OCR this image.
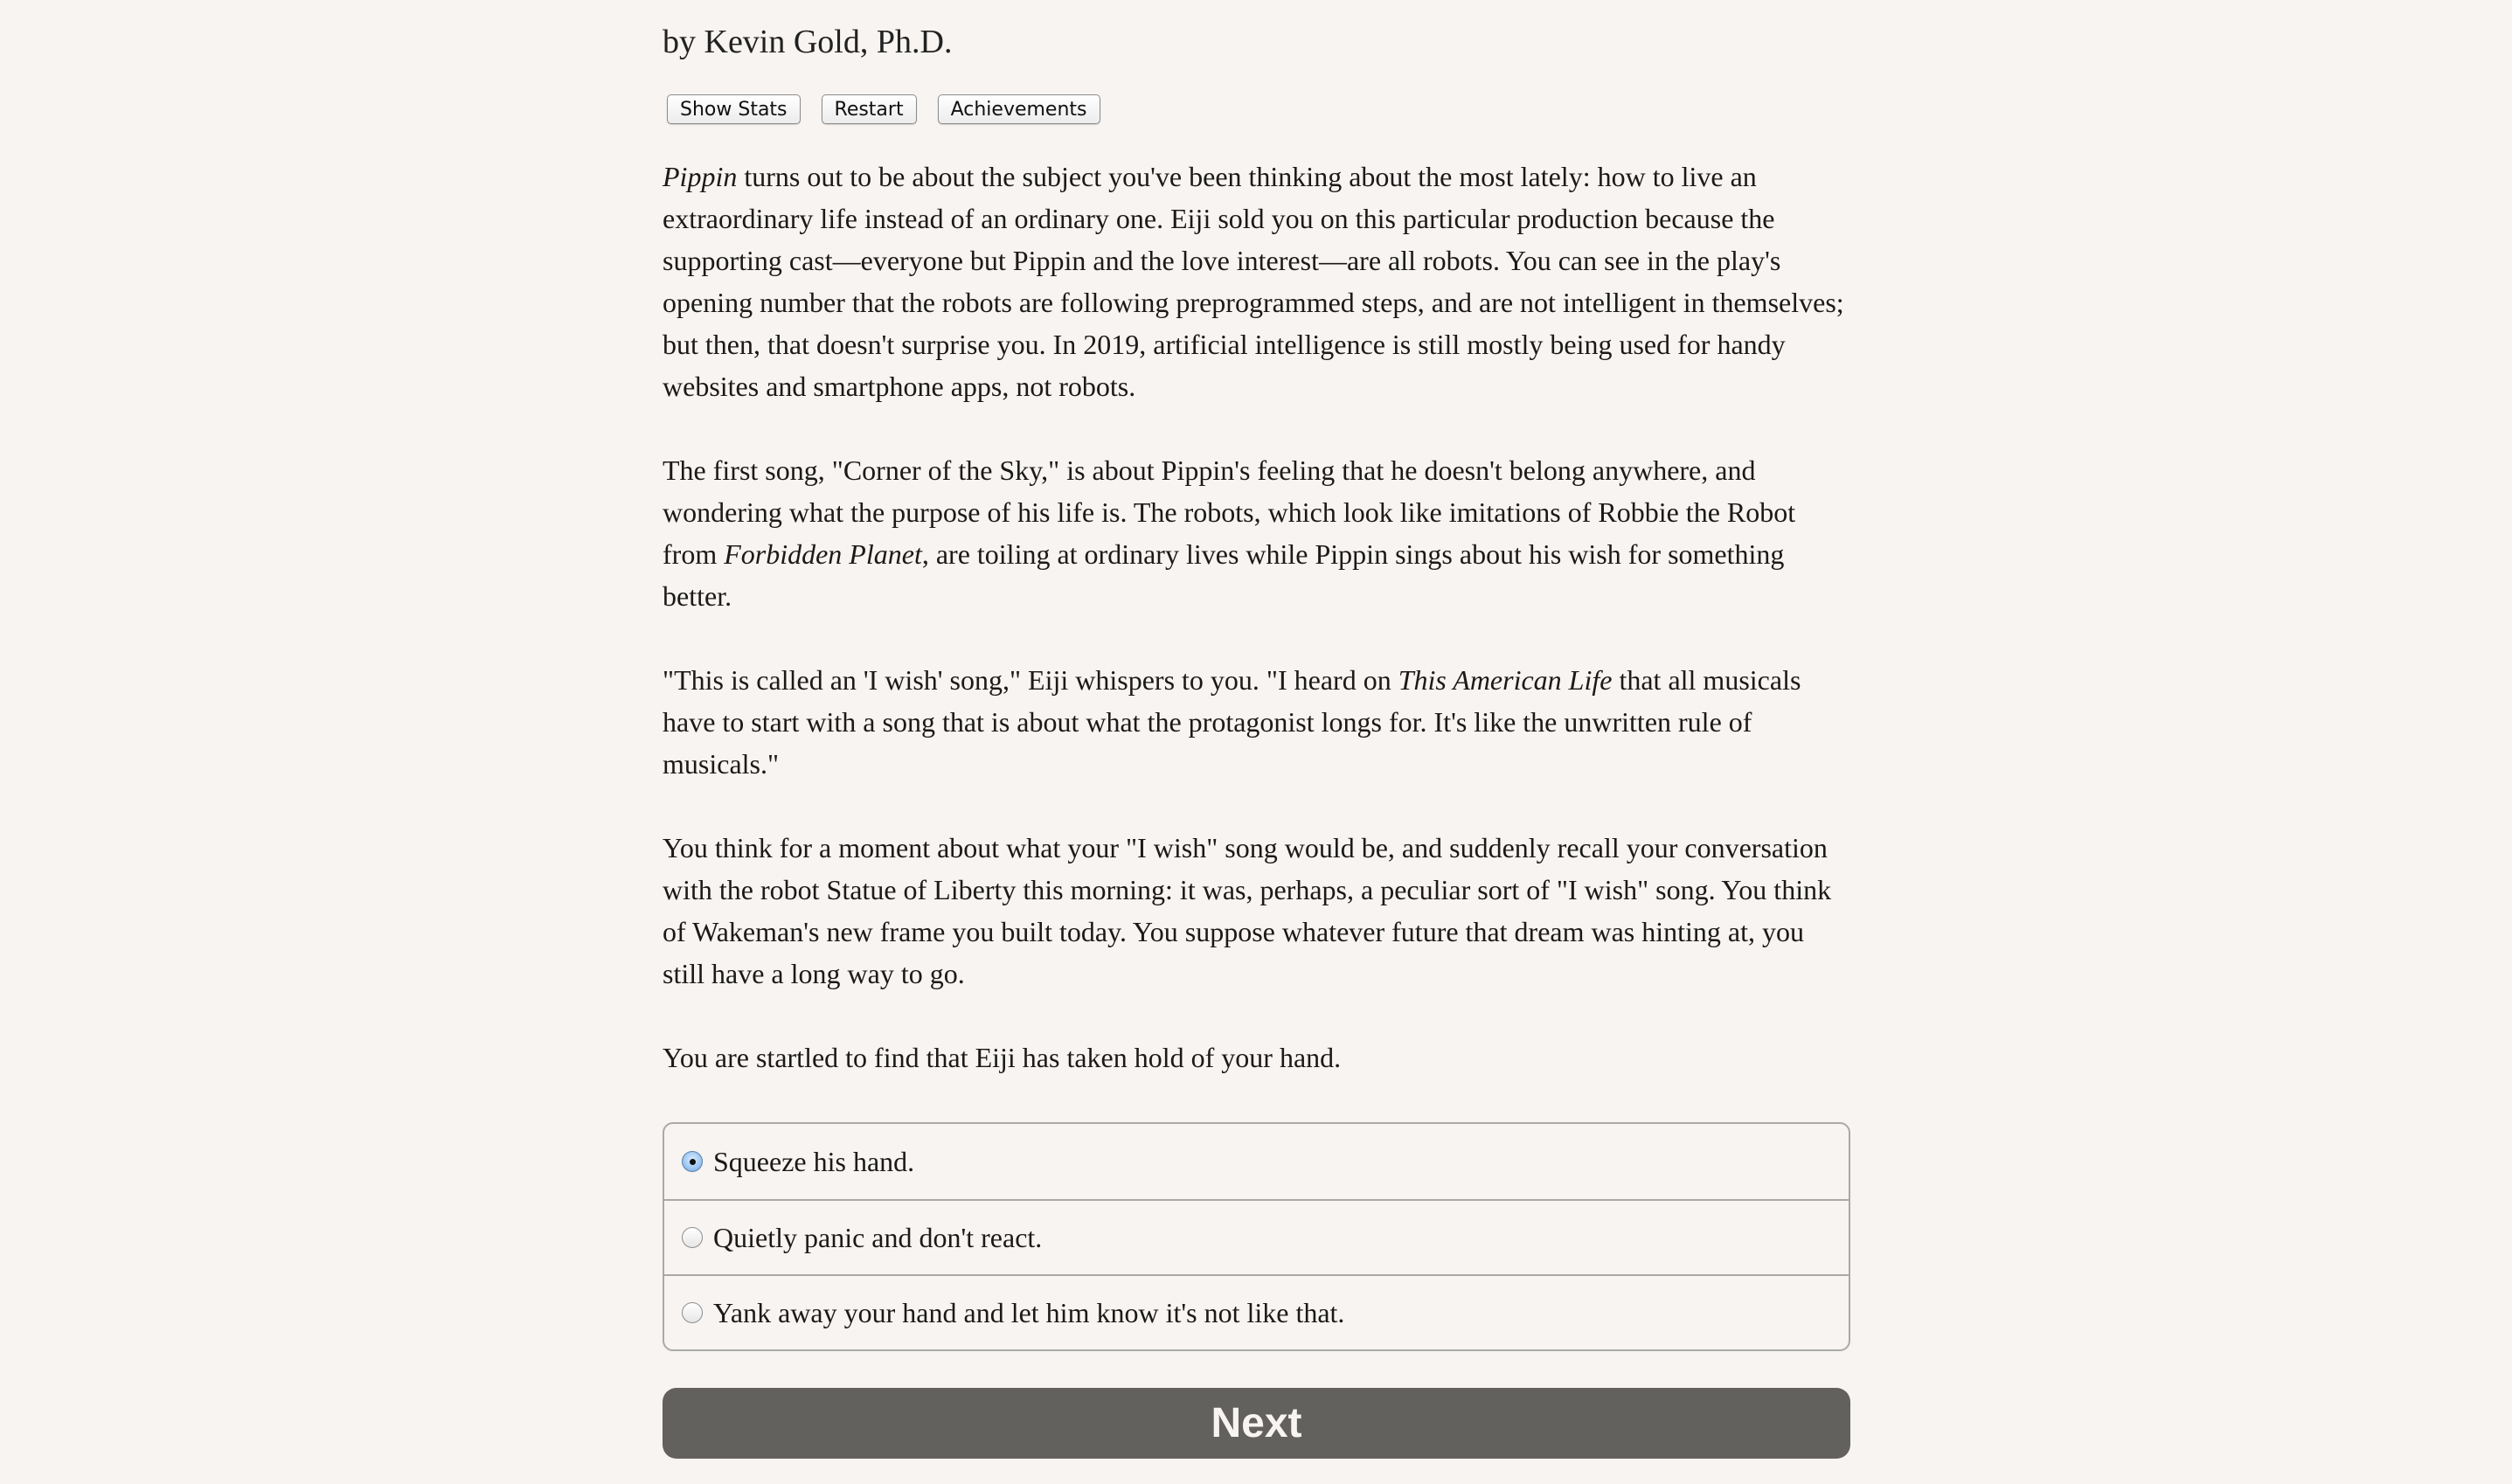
by Kevin Gold, Ph.D.
Show Stats	Restart	Achievements

Pippin turns out to be about the subject you've been thinking about the most lately: how to live an extraordinary life instead of an ordinary one. Eiji sold you on this particular production because the supporting cast—everyone but Pippin and the love interest—are all robots. You can see in the play's opening number that the robots are following preprogrammed steps, and are not intelligent in themselves; but then, that doesn't surprise you. In 2019, artificial intelligence is still mostly being used for handy websites and smartphone apps, not robots.

The first song, "Corner of the Sky," is about Pippin's feeling that he doesn't belong anywhere, and wondering what the purpose of his life is. The robots, which look like imitations of Robbie the Robot from Forbidden Planet, are toiling at ordinary lives while Pippin sings about his wish for something better.

"This is called an 'I wish' song," Eiji whispers to you. "I heard on This American Life that all musicals have to start with a song that is about what the protagonist longs for. It's like the unwritten rule of musicals."

You think for a moment about what your "I wish" song would be, and suddenly recall your conversation with the robot Statue of Liberty this morning: it was, perhaps, a peculiar sort of "I wish" song. You think of Wakeman's new frame you built today. You suppose whatever future that dream was hinting at, you still have a long way to go.

You are startled to find that Eiji has taken hold of your hand.

Squeeze his hand.
Quietly panic and don't react.
Yank away your hand and let him know it's not like that.
Next
